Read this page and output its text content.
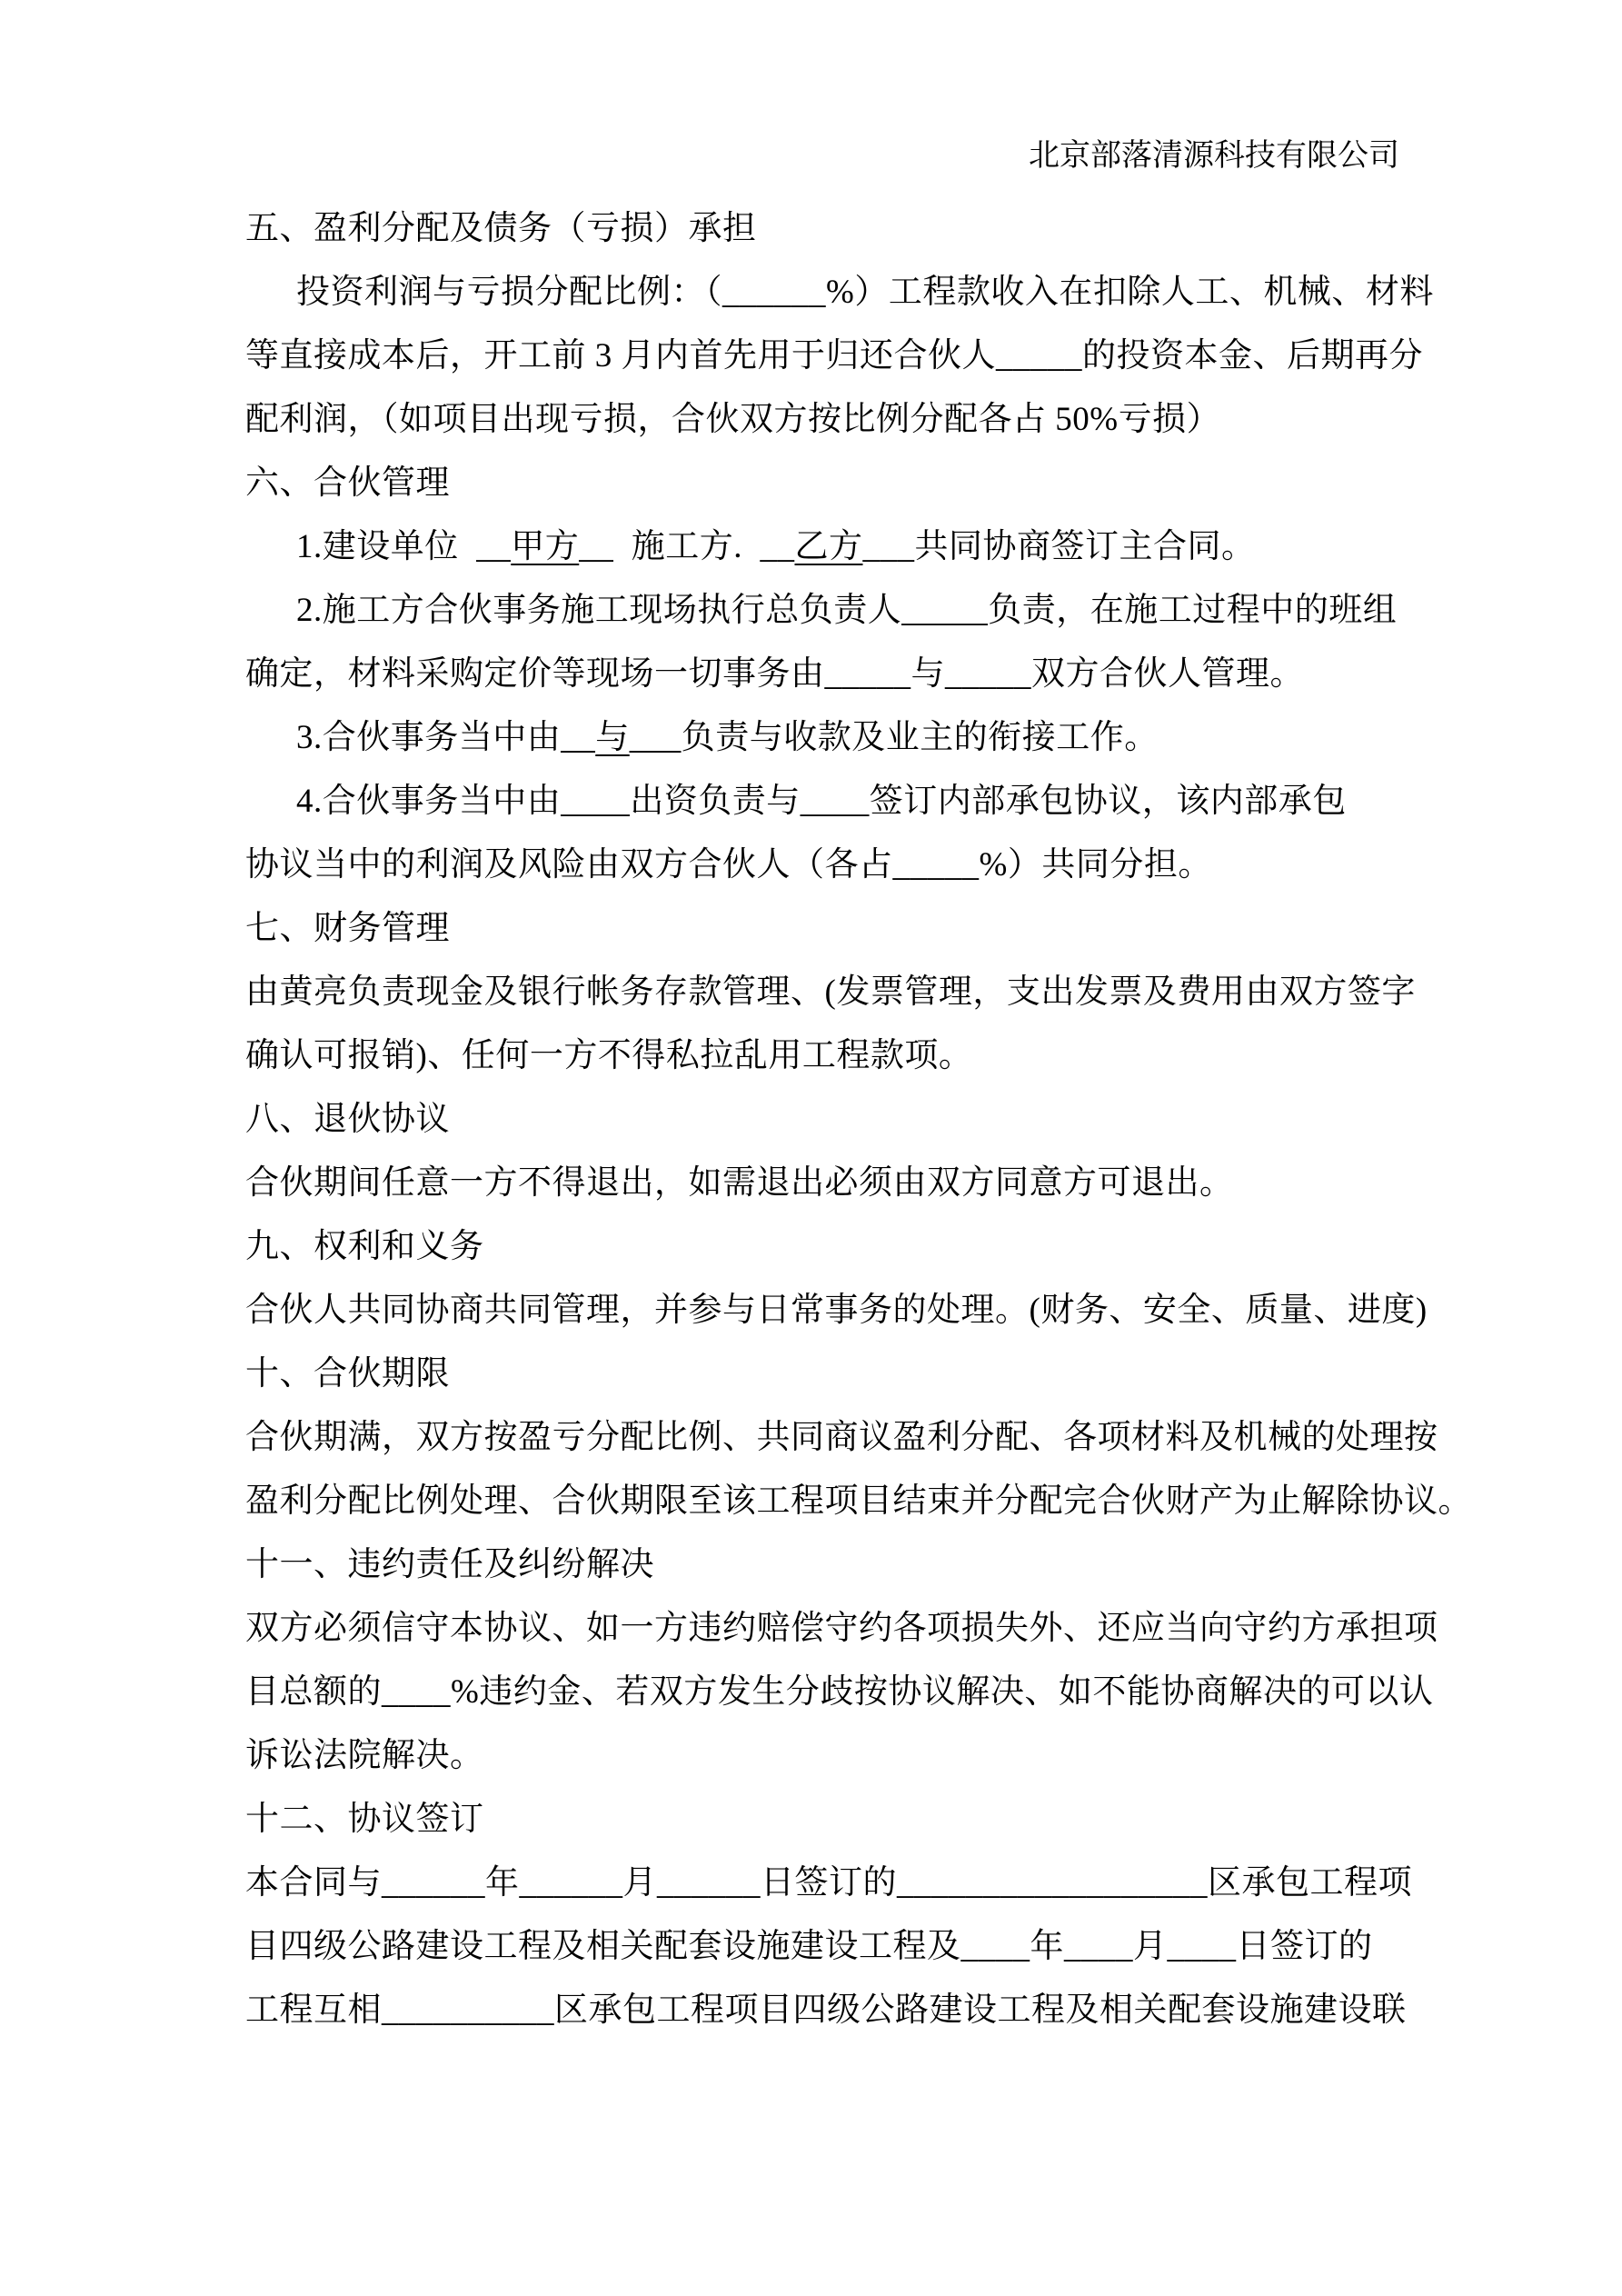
北京部落清源科技有限公司
五、盈利分配及债务（亏损）承担
投资利润与亏损分配比例：（______%）工程款收入在扣除人工、机械、材料
等直接成本后，开工前 3 月内首先用于归还合伙人_____的投资本金、后期再分
配利润，（如项目出现亏损，合伙双方按比例分配各占 50%亏损）
六、合伙管理
1.建设单位  __甲方__  施工方.  __乙方___共同协商签订主合同。
2.施工方合伙事务施工现场执行总负责人_____负责，在施工过程中的班组
确定，材料采购定价等现场一切事务由_____与_____双方合伙人管理。
3.合伙事务当中由__与___负责与收款及业主的衔接工作。
4.合伙事务当中由____出资负责与____签订内部承包协议，该内部承包
协议当中的利润及风险由双方合伙人（各占_____%）共同分担。
七、财务管理
由黄亮负责现金及银行帐务存款管理、(发票管理，支出发票及费用由双方签字
确认可报销)、任何一方不得私拉乱用工程款项。
八、退伙协议
合伙期间任意一方不得退出，如需退出必须由双方同意方可退出。
九、权利和义务
合伙人共同协商共同管理，并参与日常事务的处理。(财务、安全、质量、进度)
十、合伙期限
合伙期满，双方按盈亏分配比例、共同商议盈利分配、各项材料及机械的处理按
盈利分配比例处理、合伙期限至该工程项目结束并分配完合伙财产为止解除协议。
十一、违约责任及纠纷解决
双方必须信守本协议、如一方违约赔偿守约各项损失外、还应当向守约方承担项
目总额的____%违约金、若双方发生分歧按协议解决、如不能协商解决的可以认
诉讼法院解决。
十二、协议签订
本合同与______年______月______日签订的__________________区承包工程项
目四级公路建设工程及相关配套设施建设工程及____年____月____日签订的
工程互相__________区承包工程项目四级公路建设工程及相关配套设施建设联
